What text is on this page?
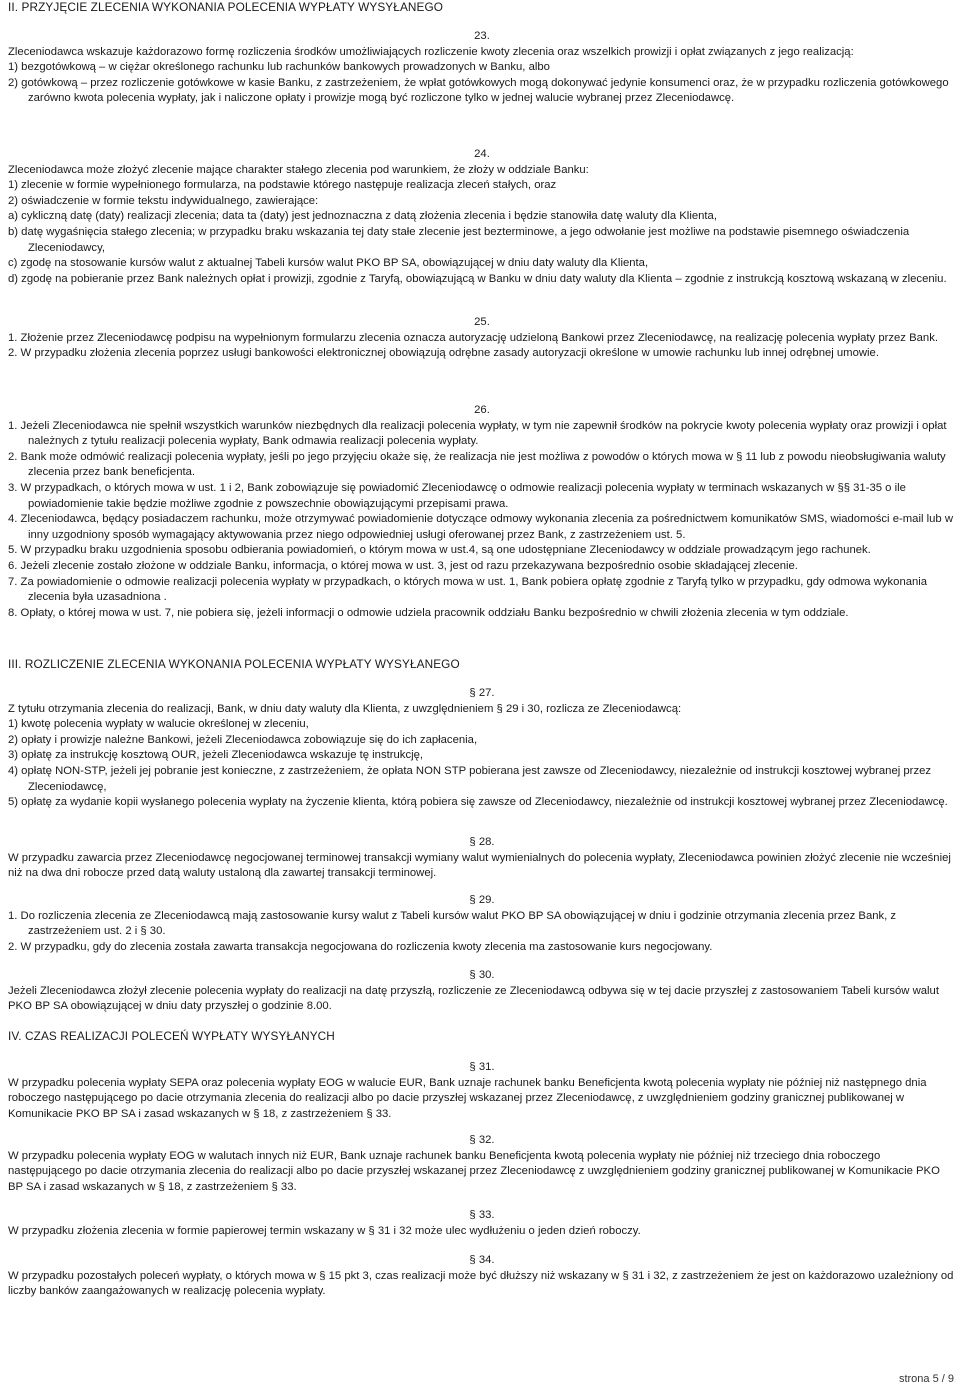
II. PRZYJĘCIE ZLECENIA WYKONANIA POLECENIA WYPŁATY WYSYŁANEGO
23.
Zleceniodawca wskazuje każdorazowo formę rozliczenia środków umożliwiających rozliczenie kwoty zlecenia oraz wszelkich prowizji i opłat związanych z jego realizacją:
1) bezgotówkową – w ciężar określonego rachunku lub rachunków bankowych prowadzonych w Banku, albo
2) gotówkową – przez rozliczenie gotówkowe w kasie Banku, z zastrzeżeniem, że wpłat gotówkowych mogą dokonywać jedynie konsumenci oraz, że w przypadku rozliczenia gotówkowego zarówno kwota polecenia wypłaty, jak i naliczone opłaty i prowizje mogą być rozliczone tylko w jednej walucie wybranej przez Zleceniodawcę.
24.
Zleceniodawca może złożyć zlecenie mające charakter stałego zlecenia pod warunkiem, że złoży w oddziale Banku:
1) zlecenie w formie wypełnionego formularza, na podstawie którego następuje realizacja zleceń stałych, oraz
2) oświadczenie w formie tekstu indywidualnego, zawierające:
a) cykliczną datę (daty) realizacji zlecenia; data ta (daty) jest jednoznaczna z datą złożenia zlecenia i będzie stanowiła datę waluty dla Klienta,
b) datę wygaśnięcia stałego zlecenia; w przypadku braku wskazania tej daty stałe zlecenie jest bezterminowe, a jego odwołanie jest możliwe na podstawie pisemnego oświadczenia Zleceniodawcy,
c) zgodę na stosowanie kursów walut z aktualnej Tabeli kursów walut PKO BP SA, obowiązującej w dniu daty waluty dla Klienta,
d) zgodę na pobieranie przez Bank należnych opłat i prowizji, zgodnie z Taryfą, obowiązującą w Banku w dniu daty waluty dla Klienta – zgodnie z instrukcją kosztową wskazaną w zleceniu.
25.
1. Złożenie przez Zleceniodawcę podpisu na wypełnionym formularzu zlecenia oznacza autoryzację udzieloną Bankowi przez Zleceniodawcę, na realizację polecenia wypłaty przez Bank.
2. W przypadku złożenia zlecenia poprzez usługi bankowości elektronicznej obowiązują odrębne zasady autoryzacji określone w umowie rachunku lub innej odrębnej umowie.
26.
1. Jeżeli Zleceniodawca nie spełnił wszystkich warunków niezbędnych dla realizacji polecenia wypłaty, w tym nie zapewnił środków na pokrycie kwoty polecenia wypłaty oraz prowizji i opłat należnych z tytułu realizacji polecenia wypłaty, Bank odmawia realizacji polecenia wypłaty.
2. Bank może odmówić realizacji polecenia wypłaty, jeśli po jego przyjęciu okaże się, że realizacja nie jest możliwa z powodów o których mowa w § 11 lub z powodu nieobsługiwania waluty zlecenia przez bank beneficjenta.
3. W przypadkach, o których mowa w ust. 1 i 2, Bank zobowiązuje się powiadomić Zleceniodawcę o odmowie realizacji polecenia wypłaty w terminach wskazanych w §§ 31-35 o ile powiadomienie takie będzie możliwe zgodnie z powszechnie obowiązującymi przepisami prawa.
4. Zleceniodawca, będący posiadaczem rachunku, może otrzymywać powiadomienie dotyczące odmowy wykonania zlecenia za pośrednictwem komunikatów SMS, wiadomości e-mail lub w inny uzgodniony sposób wymagający aktywowania przez niego odpowiedniej usługi oferowanej przez Bank, z zastrzeżeniem ust. 5.
5. W przypadku braku uzgodnienia sposobu odbierania powiadomień, o którym mowa w ust.4, są one udostępniane Zleceniodawcy w oddziale prowadzącym jego rachunek.
6. Jeżeli zlecenie zostało złożone w oddziale Banku, informacja, o której mowa w ust. 3, jest od razu przekazywana bezpośrednio osobie składającej zlecenie.
7. Za powiadomienie o odmowie realizacji polecenia wypłaty w przypadkach, o których mowa w ust. 1, Bank pobiera opłatę zgodnie z Taryfą tylko w przypadku, gdy odmowa wykonania zlecenia była uzasadniona .
8. Opłaty, o której mowa w ust. 7, nie pobiera się, jeżeli informacji o odmowie udziela pracownik oddziału Banku bezpośrednio w chwili złożenia zlecenia w tym oddziale.
III. ROZLICZENIE ZLECENIA WYKONANIA POLECENIA WYPŁATY WYSYŁANEGO
§ 27.
Z tytułu otrzymania zlecenia do realizacji, Bank, w dniu daty waluty dla Klienta, z uwzględnieniem § 29 i 30, rozlicza ze Zleceniodawcą:
1) kwotę polecenia wypłaty w walucie określonej w zleceniu,
2) opłaty i prowizje należne Bankowi, jeżeli Zleceniodawca zobowiązuje się do ich zapłacenia,
3) opłatę za instrukcję kosztową OUR, jeżeli Zleceniodawca wskazuje tę instrukcję,
4) opłatę NON-STP, jeżeli jej pobranie jest konieczne, z zastrzeżeniem, że opłata NON STP pobierana jest zawsze od Zleceniodawcy, niezależnie od instrukcji kosztowej wybranej przez Zleceniodawcę,
5) opłatę za wydanie kopii wysłanego polecenia wypłaty na życzenie klienta, którą pobiera się zawsze od Zleceniodawcy, niezależnie od instrukcji kosztowej wybranej przez Zleceniodawcę.
§ 28.
W przypadku zawarcia przez Zleceniodawcę negocjowanej terminowej transakcji wymiany walut wymienialnych do polecenia wypłaty, Zleceniodawca powinien złożyć zlecenie nie wcześniej niż na dwa dni robocze przed datą waluty ustaloną dla zawartej transakcji terminowej.
§ 29.
1. Do rozliczenia zlecenia ze Zleceniodawcą mają zastosowanie kursy walut z Tabeli kursów walut PKO BP SA obowiązującej w dniu i godzinie otrzymania zlecenia przez Bank, z zastrzeżeniem ust. 2 i § 30.
2. W przypadku, gdy do zlecenia została zawarta transakcja negocjowana do rozliczenia kwoty zlecenia ma zastosowanie kurs negocjowany.
§ 30.
Jeżeli Zleceniodawca złożył zlecenie polecenia wypłaty do realizacji na datę przyszłą, rozliczenie ze Zleceniodawcą odbywa się w tej dacie przyszłej z zastosowaniem Tabeli kursów walut PKO BP SA obowiązującej w dniu daty przyszłej o godzinie 8.00.
IV. CZAS REALIZACJI POLECEŃ WYPŁATY WYSYŁANYCH
§ 31.
W przypadku polecenia wypłaty SEPA oraz polecenia wypłaty EOG w walucie EUR, Bank uznaje rachunek banku Beneficjenta kwotą polecenia wypłaty nie później niż następnego dnia roboczego następującego po dacie otrzymania zlecenia do realizacji albo po dacie przyszłej wskazanej przez Zleceniodawcę, z uwzględnieniem godziny granicznej publikowanej w Komunikacie PKO BP SA i zasad wskazanych w § 18, z zastrzeżeniem § 33.
§ 32.
W przypadku polecenia wypłaty EOG w walutach innych niż EUR, Bank uznaje rachunek banku Beneficjenta kwotą polecenia wypłaty nie później niż trzeciego dnia roboczego następującego po dacie otrzymania zlecenia do realizacji albo po dacie przyszłej wskazanej przez Zleceniodawcę z uwzględnieniem godziny granicznej publikowanej w Komunikacie PKO BP SA i zasad wskazanych w § 18, z zastrzeżeniem § 33.
§ 33.
W przypadku złożenia zlecenia w formie papierowej termin wskazany w § 31 i 32 może ulec wydłużeniu o jeden dzień roboczy.
§ 34.
W przypadku pozostałych poleceń wypłaty, o których mowa w § 15 pkt 3, czas realizacji może być dłuższy niż wskazany w § 31 i 32, z zastrzeżeniem że jest on każdorazowo uzależniony od liczby banków zaangażowanych w realizację polecenia wypłaty.
strona 5 / 9
